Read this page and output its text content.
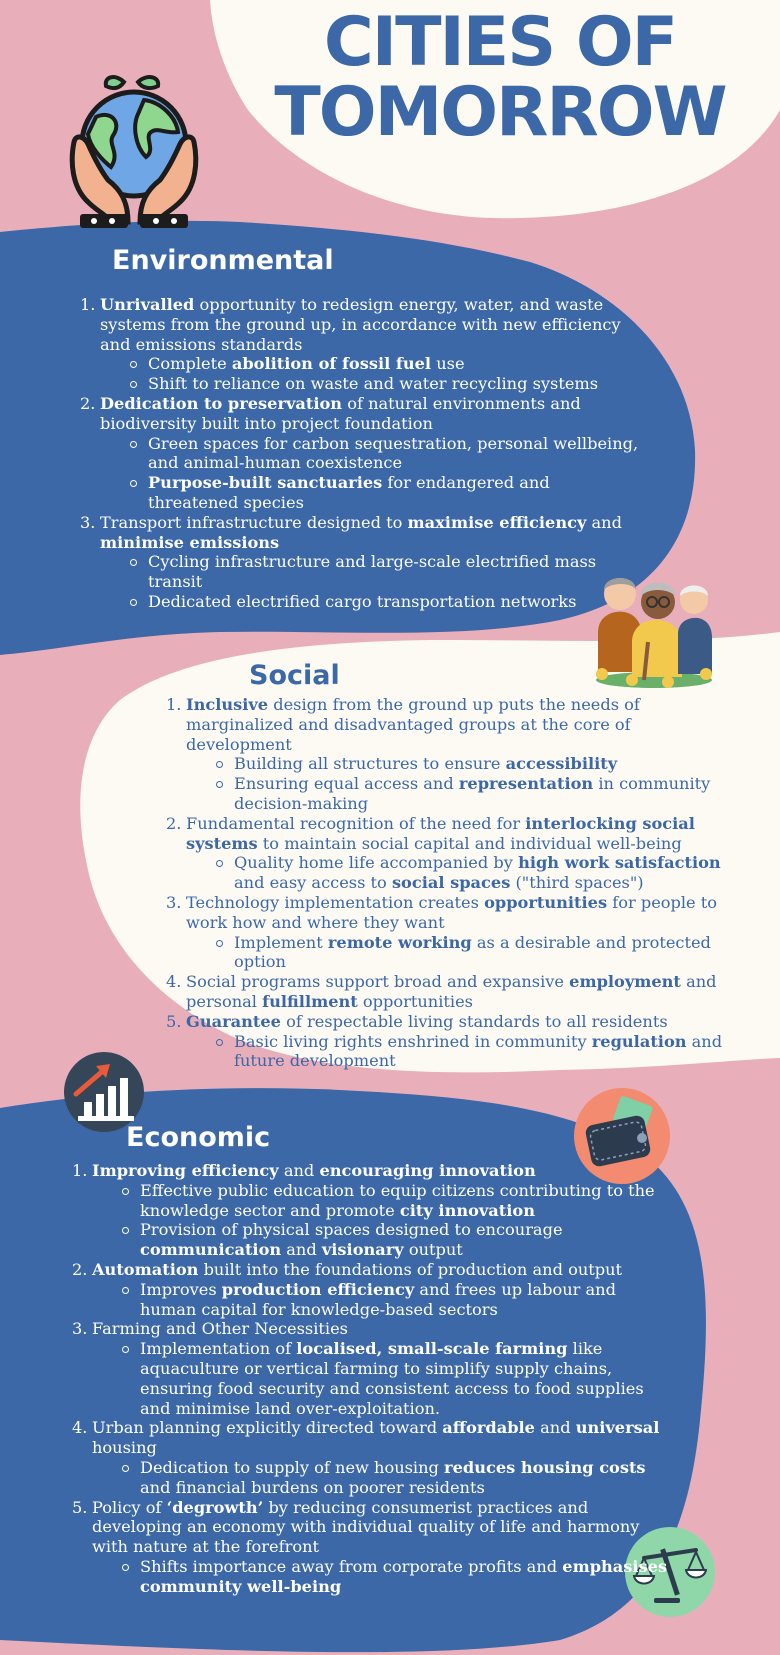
CITIES OF
TOMORROW
Environmental
Social
Economic
1. Unrivalled opportunity to redesign energy, water, and waste systems from the ground up, in accordance with new efficiency and emissions standards
Complete abolition of fossil fuel use
Shift to reliance on waste and water recycling systems
2. Dedication to preservation of natural environments and biodiversity built into project foundation
Green spaces for carbon sequestration, personal wellbeing, and animal-human coexistence
Purpose-built sanctuaries for endangered and threatened species
3. Transport infrastructure designed to maximise efficiency and minimise emissions
Cycling infrastructure and large-scale electrified mass transit
Dedicated electrified cargo transportation networks
1. Inclusive design from the ground up puts the needs of marginalized and disadvantaged groups at the core of development
Building all structures to ensure accessibility
Ensuring equal access and representation in community decision-making
2. Fundamental recognition of the need for interlocking social systems to maintain social capital and individual well-being
Quality home life accompanied by high work satisfaction and easy access to social spaces ("third spaces")
3. Technology implementation creates opportunities for people to work how and where they want
Implement remote working as a desirable and protected option
4. Social programs support broad and expansive employment and personal fulfillment opportunities
5. Guarantee of respectable living standards to all residents
Basic living rights enshrined in community regulation and future development
1. Improving efficiency and encouraging innovation
Effective public education to equip citizens contributing to the knowledge sector and promote city innovation
Provision of physical spaces designed to encourage communication and visionary output
2. Automation built into the foundations of production and output
Improves production efficiency and frees up labour and human capital for knowledge-based sectors
3. Farming and Other Necessities
Implementation of localised, small-scale farming like aquaculture or vertical farming to simplify supply chains, ensuring food security and consistent access to food supplies and minimise land over-exploitation.
4. Urban planning explicitly directed toward affordable and universal housing
Dedication to supply of new housing reduces housing costs and financial burdens on poorer residents
5. Policy of ‘degrowth’ by reducing consumerist practices and developing an economy with individual quality of life and harmony with nature at the forefront
Shifts importance away from corporate profits and emphasises community well-being
